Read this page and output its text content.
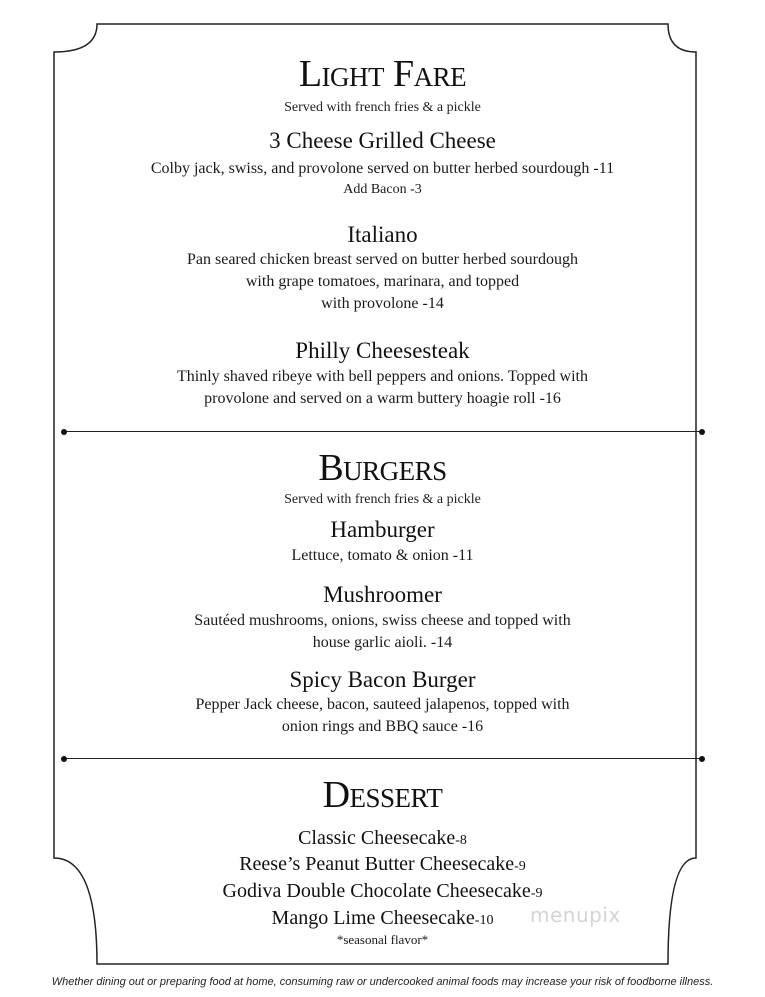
Light Fare
Served with french fries & a pickle
3 Cheese Grilled Cheese
Colby jack, swiss, and provolone served on butter herbed sourdough -11
Add Bacon -3
Italiano
Pan seared chicken breast served on butter herbed sourdough
with grape tomatoes, marinara, and topped
with provolone -14
Philly Cheesesteak
Thinly shaved ribeye with bell peppers and onions. Topped with
provolone and served on a warm buttery hoagie roll -16
Burgers
Served with french fries & a pickle
Hamburger
Lettuce, tomato & onion -11
Mushroomer
Sautéed mushrooms, onions, swiss cheese and topped with
house garlic aioli. -14
Spicy Bacon Burger
Pepper Jack cheese, bacon, sauteed jalapenos, topped with
onion rings and BBQ sauce -16
Dessert
Classic Cheesecake-8
Reese’s Peanut Butter Cheesecake-9
Godiva Double Chocolate Cheesecake-9
Mango Lime Cheesecake-10
*seasonal flavor*
menupix
Whether dining out or preparing food at home, consuming raw or undercooked animal foods may increase your risk of foodborne illness.
